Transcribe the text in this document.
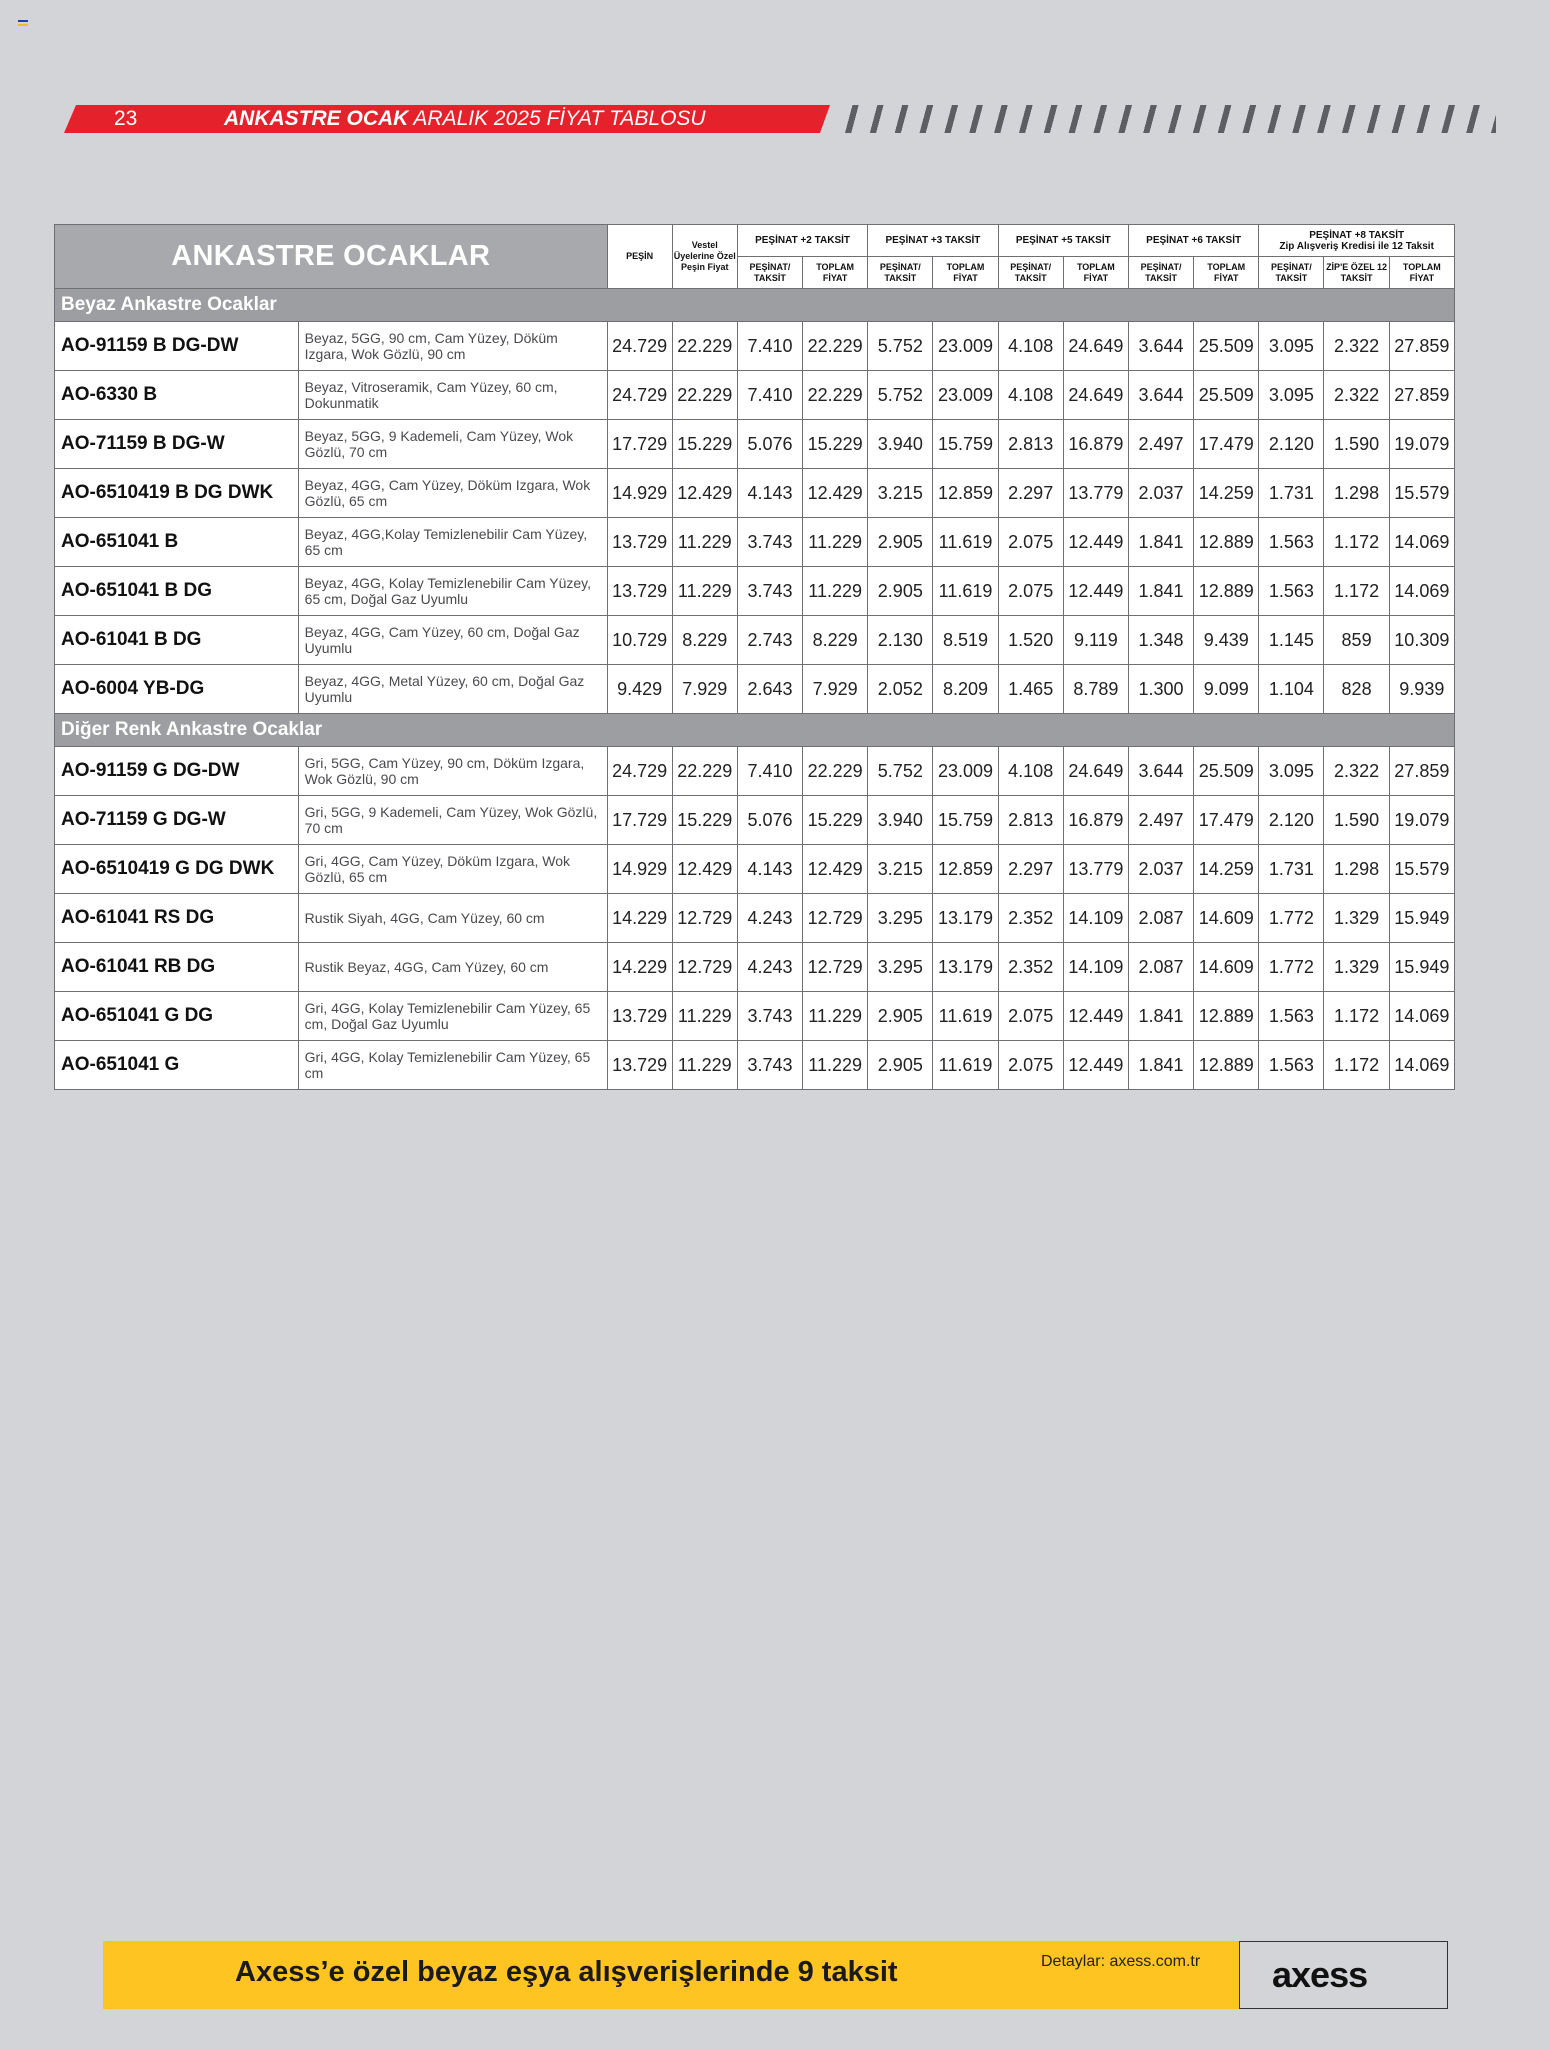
23	ANKASTRE OCAK ARALIK 2025 FİYAT TABLOSU
ANKASTRE OCAKLAR		PEŞİN	Vestel Üyelerine Özel Peşin Fiyat	PEŞİNAT +2 TAKSİT		PEŞİNAT +3 TAKSİT		PEŞİNAT +5 TAKSİT		PEŞİNAT +6 TAKSİT		PEŞİNAT +8 TAKSİT
Zip Alışveriş Kredisi ile 12 Taksit		

				PEŞİNAT/ TAKSİT	TOPLAM FİYAT	PEŞİNAT/ TAKSİT	TOPLAM FİYAT	PEŞİNAT/ TAKSİT	TOPLAM FİYAT	PEŞİNAT/ TAKSİT	TOPLAM FİYAT	PEŞİNAT/ TAKSİT	ZİP'E ÖZEL 12 TAKSİT	TOPLAM FİYAT
Beyaz Ankastre Ocaklar														
AO-91159 B DG-DW	Beyaz, 5GG, 90 cm, Cam Yüzey, Döküm Izgara, Wok Gözlü, 90 cm	24.729	22.229	7.410	22.229	5.752	23.009	4.108	24.649	3.644	25.509	3.095	2.322	27.859
AO-6330 B	Beyaz, Vitroseramik, Cam Yüzey, 60 cm, Dokunmatik	24.729	22.229	7.410	22.229	5.752	23.009	4.108	24.649	3.644	25.509	3.095	2.322	27.859
AO-71159 B DG-W	Beyaz, 5GG, 9 Kademeli, Cam Yüzey, Wok Gözlü, 70 cm	17.729	15.229	5.076	15.229	3.940	15.759	2.813	16.879	2.497	17.479	2.120	1.590	19.079
AO-6510419 B DG DWK	Beyaz, 4GG, Cam Yüzey, Döküm Izgara, Wok Gözlü, 65 cm	14.929	12.429	4.143	12.429	3.215	12.859	2.297	13.779	2.037	14.259	1.731	1.298	15.579
AO-651041 B	Beyaz, 4GG,Kolay Temizlenebilir Cam Yüzey, 65 cm	13.729	11.229	3.743	11.229	2.905	11.619	2.075	12.449	1.841	12.889	1.563	1.172	14.069
AO-651041 B DG	Beyaz, 4GG, Kolay Temizlenebilir Cam Yüzey, 65 cm, Doğal Gaz Uyumlu	13.729	11.229	3.743	11.229	2.905	11.619	2.075	12.449	1.841	12.889	1.563	1.172	14.069
AO-61041 B DG	Beyaz, 4GG, Cam Yüzey, 60 cm, Doğal Gaz Uyumlu	10.729	8.229	2.743	8.229	2.130	8.519	1.520	9.119	1.348	9.439	1.145	859	10.309
AO-6004 YB-DG	Beyaz, 4GG, Metal Yüzey, 60 cm, Doğal Gaz Uyumlu	9.429	7.929	2.643	7.929	2.052	8.209	1.465	8.789	1.300	9.099	1.104	828	9.939
Diğer Renk Ankastre Ocaklar														
AO-91159 G DG-DW	Gri, 5GG, Cam Yüzey, 90 cm, Döküm Izgara, Wok Gözlü, 90 cm	24.729	22.229	7.410	22.229	5.752	23.009	4.108	24.649	3.644	25.509	3.095	2.322	27.859
AO-71159 G DG-W	Gri, 5GG, 9 Kademeli, Cam Yüzey, Wok Gözlü, 70 cm	17.729	15.229	5.076	15.229	3.940	15.759	2.813	16.879	2.497	17.479	2.120	1.590	19.079
AO-6510419 G DG DWK	Gri, 4GG, Cam Yüzey, Döküm Izgara, Wok Gözlü, 65 cm	14.929	12.429	4.143	12.429	3.215	12.859	2.297	13.779	2.037	14.259	1.731	1.298	15.579
AO-61041 RS DG	Rustik Siyah, 4GG, Cam Yüzey, 60 cm	14.229	12.729	4.243	12.729	3.295	13.179	2.352	14.109	2.087	14.609	1.772	1.329	15.949
AO-61041 RB DG	Rustik Beyaz, 4GG, Cam Yüzey, 60 cm	14.229	12.729	4.243	12.729	3.295	13.179	2.352	14.109	2.087	14.609	1.772	1.329	15.949
AO-651041 G DG	Gri, 4GG, Kolay Temizlenebilir Cam Yüzey, 65 cm, Doğal Gaz Uyumlu	13.729	11.229	3.743	11.229	2.905	11.619	2.075	12.449	1.841	12.889	1.563	1.172	14.069
AO-651041 G	Gri, 4GG, Kolay Temizlenebilir Cam Yüzey, 65 cm	13.729	11.229	3.743	11.229	2.905	11.619	2.075	12.449	1.841	12.889	1.563	1.172	14.069
Axess’e özel beyaz eşya alışverişlerinde 9 taksit	Detaylar: axess.com.tr axess
